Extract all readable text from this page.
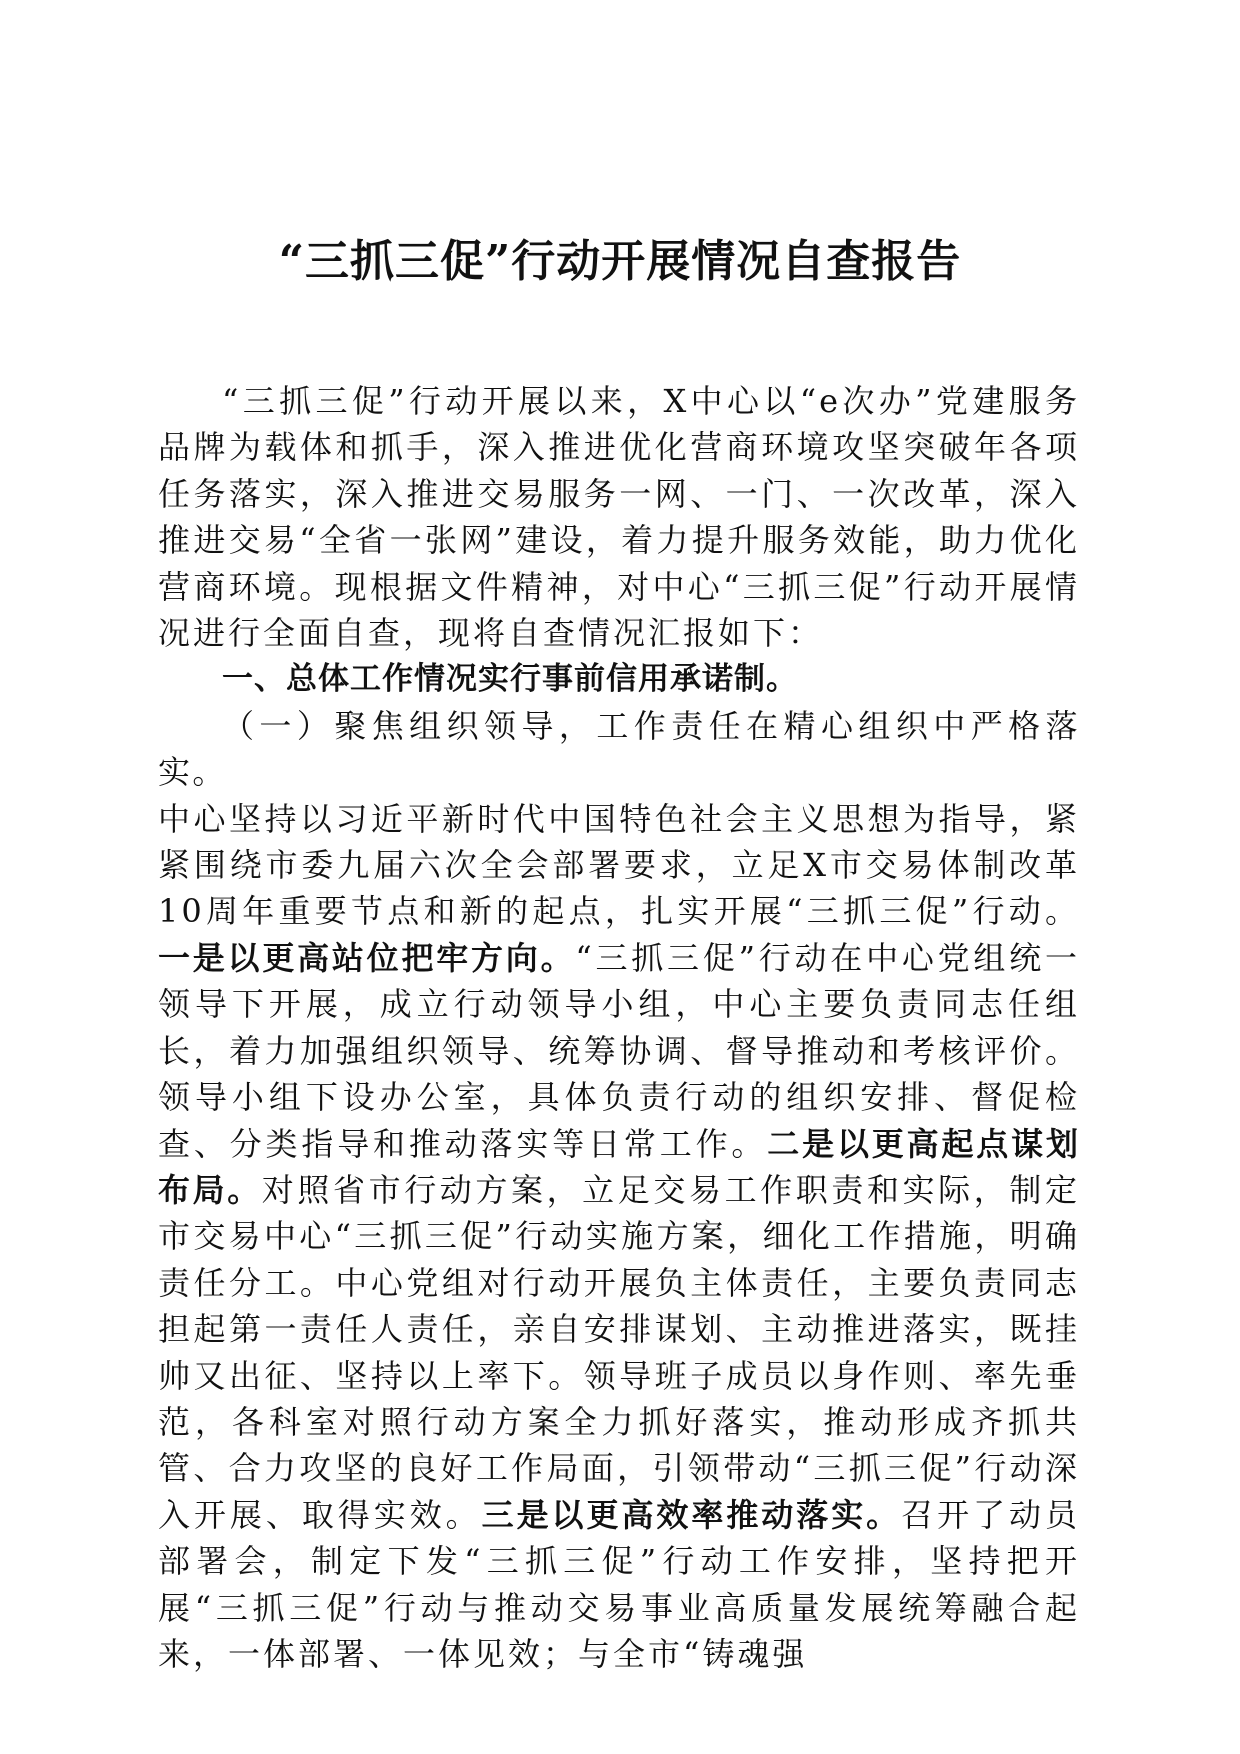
“三抓三促”行动开展情况自查报告

“三抓三促”行动开展以来，X中心以“e次办”党建服务品牌为载体和抓手，深入推进优化营商环境攻坚突破年各项任务落实，深入推进交易服务一网、一门、一次改革，深入推进交易“全省一张网”建设，着力提升服务效能，助力优化营商环境。现根据文件精神，对中心“三抓三促”行动开展情况进行全面自查，现将自查情况汇报如下：

一、总体工作情况实行事前信用承诺制。

（一）聚焦组织领导，工作责任在精心组织中严格落实。

中心坚持以习近平新时代中国特色社会主义思想为指导，紧紧围绕市委九届六次全会部署要求，立足X市交易体制改革10周年重要节点和新的起点，扎实开展“三抓三促”行动。一是以更高站位把牢方向。“三抓三促”行动在中心党组统一领导下开展，成立行动领导小组，中心主要负责同志任组长，着力加强组织领导、统筹协调、督导推动和考核评价。领导小组下设办公室，具体负责行动的组织安排、督促检查、分类指导和推动落实等日常工作。二是以更高起点谋划布局。对照省市行动方案，立足交易工作职责和实际，制定市交易中心“三抓三促”行动实施方案，细化工作措施，明确责任分工。中心党组对行动开展负主体责任，主要负责同志担起第一责任人责任，亲自安排谋划、主动推进落实，既挂帅又出征、坚持以上率下。领导班子成员以身作则、率先垂范，各科室对照行动方案全力抓好落实，推动形成齐抓共管、合力攻坚的良好工作局面，引领带动“三抓三促”行动深入开展、取得实效。三是以更高效率推动落实。召开了动员部署会，制定下发“三抓三促”行动工作安排，坚持把开展“三抓三促”行动与推动交易事业高质量发展统筹融合起来，一体部署、一体见效；与全市“铸魂强
